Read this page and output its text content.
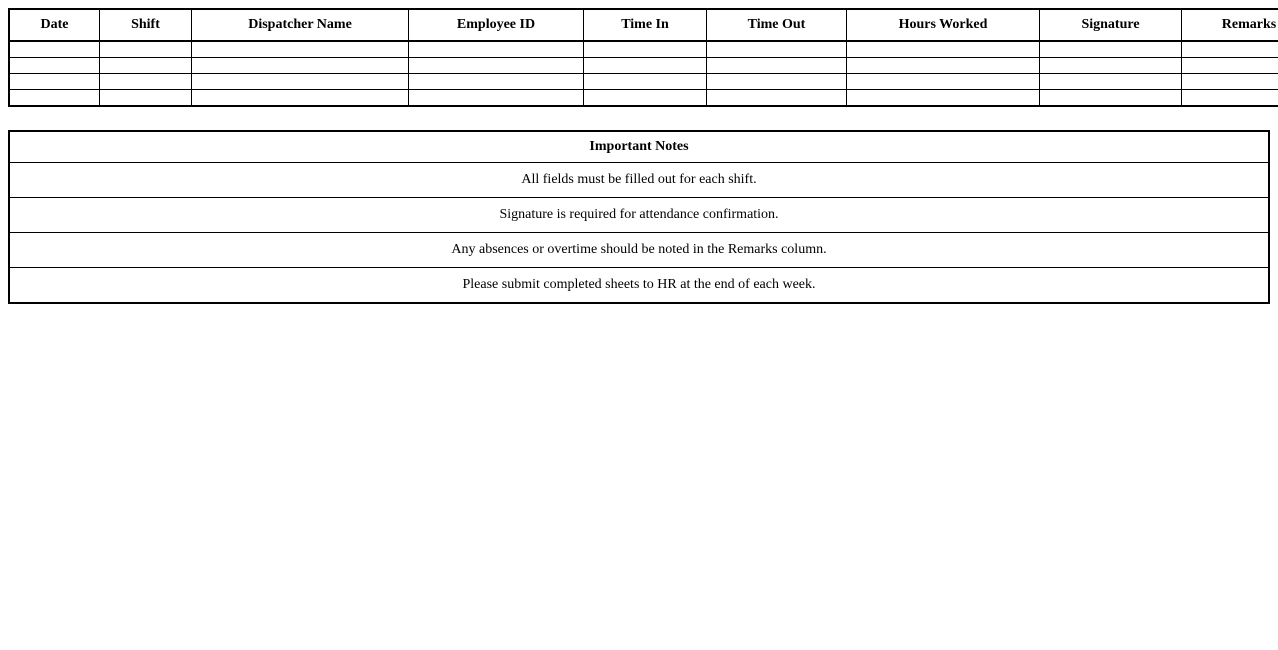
Date	Shift	Dispatcher Name	Employee ID	Time In	Time Out	Hours Worked	Signature	Remarks

Important Notes
All fields must be filled out for each shift.
Signature is required for attendance confirmation.
Any absences or overtime should be noted in the Remarks column.
Please submit completed sheets to HR at the end of each week.
